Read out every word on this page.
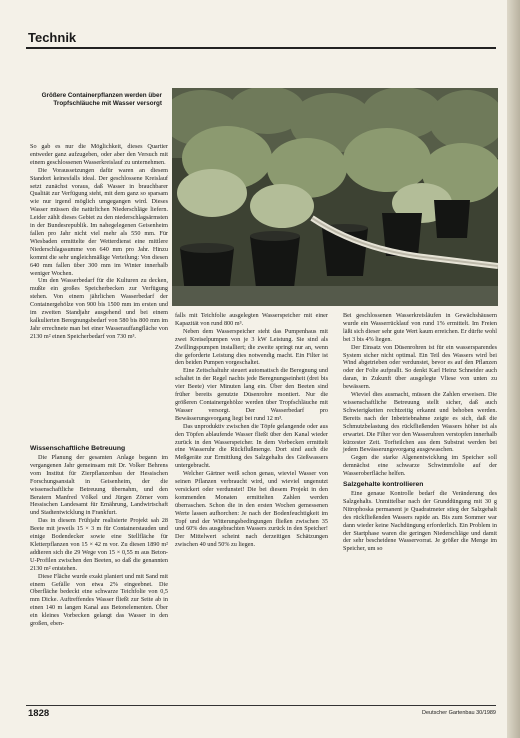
Technik
Größere Containerpflanzen werden über Tropfschläuche mit Wasser versorgt

So gab es nur die Möglichkeit, dieses Quartier entweder ganz aufzugeben, oder aber den Versuch mit einem geschlossenen Wasserkreislauf zu unternehmen.

Die Voraussetzungen dafür waren an diesem Standort keinesfalls ideal. Der geschlossene Kreislauf setzt zunächst voraus, daß Wasser in brauchbarer Qualität zur Verfügung steht, mit dem ganz so sparsam wie nur irgend möglich umgegangen wird. Dieses Wasser müssen die natürlichen Niederschläge liefern. Leider zählt dieses Gebiet zu den niederschlagsärmsten in der Bundesrepublik. Im nahegelegenen Geisenheim fallen pro Jahr nicht viel mehr als 550 mm. Für Wiesbaden ermittelte der Wetterdienst eine mittlere Niederschlagssumme von 640 mm pro Jahr. Hinzu kommt die sehr ungleichmäßige Verteilung: Von diesen 640 mm fallen über 300 mm im Winter innerhalb weniger Wochen.

Um den Wasserbedarf für die Kulturen zu decken, mußte ein großes Speicherbecken zur Verfügung stehen. Von einem jährlichen Wasserbedarf der Containergehölze von 900 bis 1500 mm im ersten und im zweiten Standjahr ausgehend und bei einem kalkulierten Beregnungsbedarf von 580 bis 800 mm im Jahr errechnete man bei einer Wasserauffangfläche von 2130 m² einen Speicherbedarf von 730 m³.

Wissenschaftliche Betreuung

Die Planung der gesamten Anlage begann im vergangenen Jahr gemeinsam mit Dr. Volker Behrens vom Institut für Zierpflanzenbau der Hessischen Forschungsanstalt in Geisenheim, der die wissenschaftliche Betreuung übernahm, und den Beratern Manfred Völkel und Jürgen Zörner vom Hessischen Landesamt für Ernährung, Landwirtschaft und Stadtentwicklung in Frankfurt.

Das in diesem Frühjahr realisierte Projekt sah 28 Beete mit jeweils 15 × 3 m für Containerstauden und einige Bodendecker sowie eine Stellfläche für Kletterpflanzen von 15 × 42 m vor. Zu diesen 1890 m² addieren sich die 29 Wege von 15 × 0,55 m aus Beton-U-Profilen zwischen den Beeten, so daß die genannten 2130 m² entstehen.

Diese Fläche wurde exakt planiert und mit Sand mit einem Gefälle von etwa 2% eingeebnet. Die Oberfläche bedeckt eine schwarze Teichfolie von 0,5 mm Dicke. Auftreffendes Wasser fließt zur Seite ab in einen 140 m langen Kanal aus Betonelementen. Über ein kleines Vorbecken gelangt das Wasser in den großen, eben-

falls mit Teichfolie ausgelegten Wasserspeicher mit einer Kapazität von rund 800 m³.

Neben dem Wasserspeicher steht das Pumpenhaus mit zwei Kreiselpumpen von je 3 kW Leistung. Sie sind als Zwillingspumpen installiert; die zweite springt nur an, wenn die geforderte Leistung dies notwendig macht. Ein Filter ist den beiden Pumpen vorgeschaltet.

Eine Zeitschaltuhr steuert automatisch die Beregnung und schaltet in der Regel nachts jede Beregnungseinheit (drei bis vier Beete) vier Minuten lang ein. Über den Beeten sind früher bereits genutzte Düsenrohre montiert. Nur die größeren Containergehölze werden über Tropfschläuche mit Wasser versorgt. Der Wasserbedarf pro Bewässerungsvorgang liegt bei rund 12 m³.

Das unproduktiv zwischen die Töpfe gelangende oder aus den Töpfen ablaufende Wasser fließt über den Kanal wieder zurück in den Wasserspeicher. In dem Vorbecken ermittelt eine Wasseruhr die Rückflußmenge. Dort sind auch die Meßgeräte zur Ermittlung des Salzgehalts des Gießwassers untergebracht.

Welcher Gärtner weiß schon genau, wieviel Wasser von seinen Pflanzen verbraucht wird, und wieviel ungenutzt versickert oder verdunstet! Die bei diesem Projekt in den kommenden Monaten ermittelten Zahlen werden überraschen. Schon die in den ersten Wochen gemessenen Werte lassen aufhorchen: Je nach der Bodenfeuchtigkeit im Topf und der Witterungsbedingungen fließen zwischen 35 und 60% des ausgebrachten Wassers zurück in den Speicher! Der Mittelwert scheint nach derzeitigen Schätzungen zwischen 40 und 50% zu liegen.

Bei geschlossenen Wasserkreisläufen in Gewächshäusern wurde ein Wasserrücklauf von rund 1% ermittelt. Im Freien läßt sich dieser sehr gute Wert kaum erreichen. Er dürfte wohl bei 3 bis 4% liegen.

Der Einsatz von Düsenrohren ist für ein wassersparendes System sicher nicht optimal. Ein Teil des Wassers wird bei Wind abgetrieben oder verdunstet, bevor es auf den Pflanzen oder der Folie aufprallt. So denkt Karl Heinz Schneider auch daran, in Zukunft über ausgelegte Vliese von unten zu bewässern.

Wieviel dies ausmacht, müssen die Zahlen erweisen. Die wissenschaftliche Betreuung stellt sicher, daß auch Schwierigkeiten rechtzeitig erkannt und behoben werden. Bereits nach der Inbetriebnahme zeigte es sich, daß die Schmutzbelastung des rückfließenden Wassers höher ist als erwartet. Die Filter vor den Wasseruhren verstopfen innerhalb kürzester Zeit. Torfteilchen aus dem Substrat werden bei jedem Bewässerungsvorgang ausgewaschen.

Gegen die starke Algenentwicklung im Speicher soll demnächst eine schwarze Schwimmfolie auf der Wasseroberfläche helfen.

Salzgehalte kontrollieren

Eine genaue Kontrolle bedarf die Veränderung des Salzgehalts. Unmittelbar nach der Grunddüngung mit 30 g Nitrophoska permanent je Quadratmeter stieg der Salzgehalt des rückfließenden Wassers rapide an. Bis zum Sommer war dann wieder keine Nachdüngung erforderlich. Ein Problem in der Startphase waren die geringen Niederschläge und damit der sehr bescheidene Wasservorrat. Je größer die Menge im Speicher, um so

1828	Deutscher Gartenbau 30/1989
